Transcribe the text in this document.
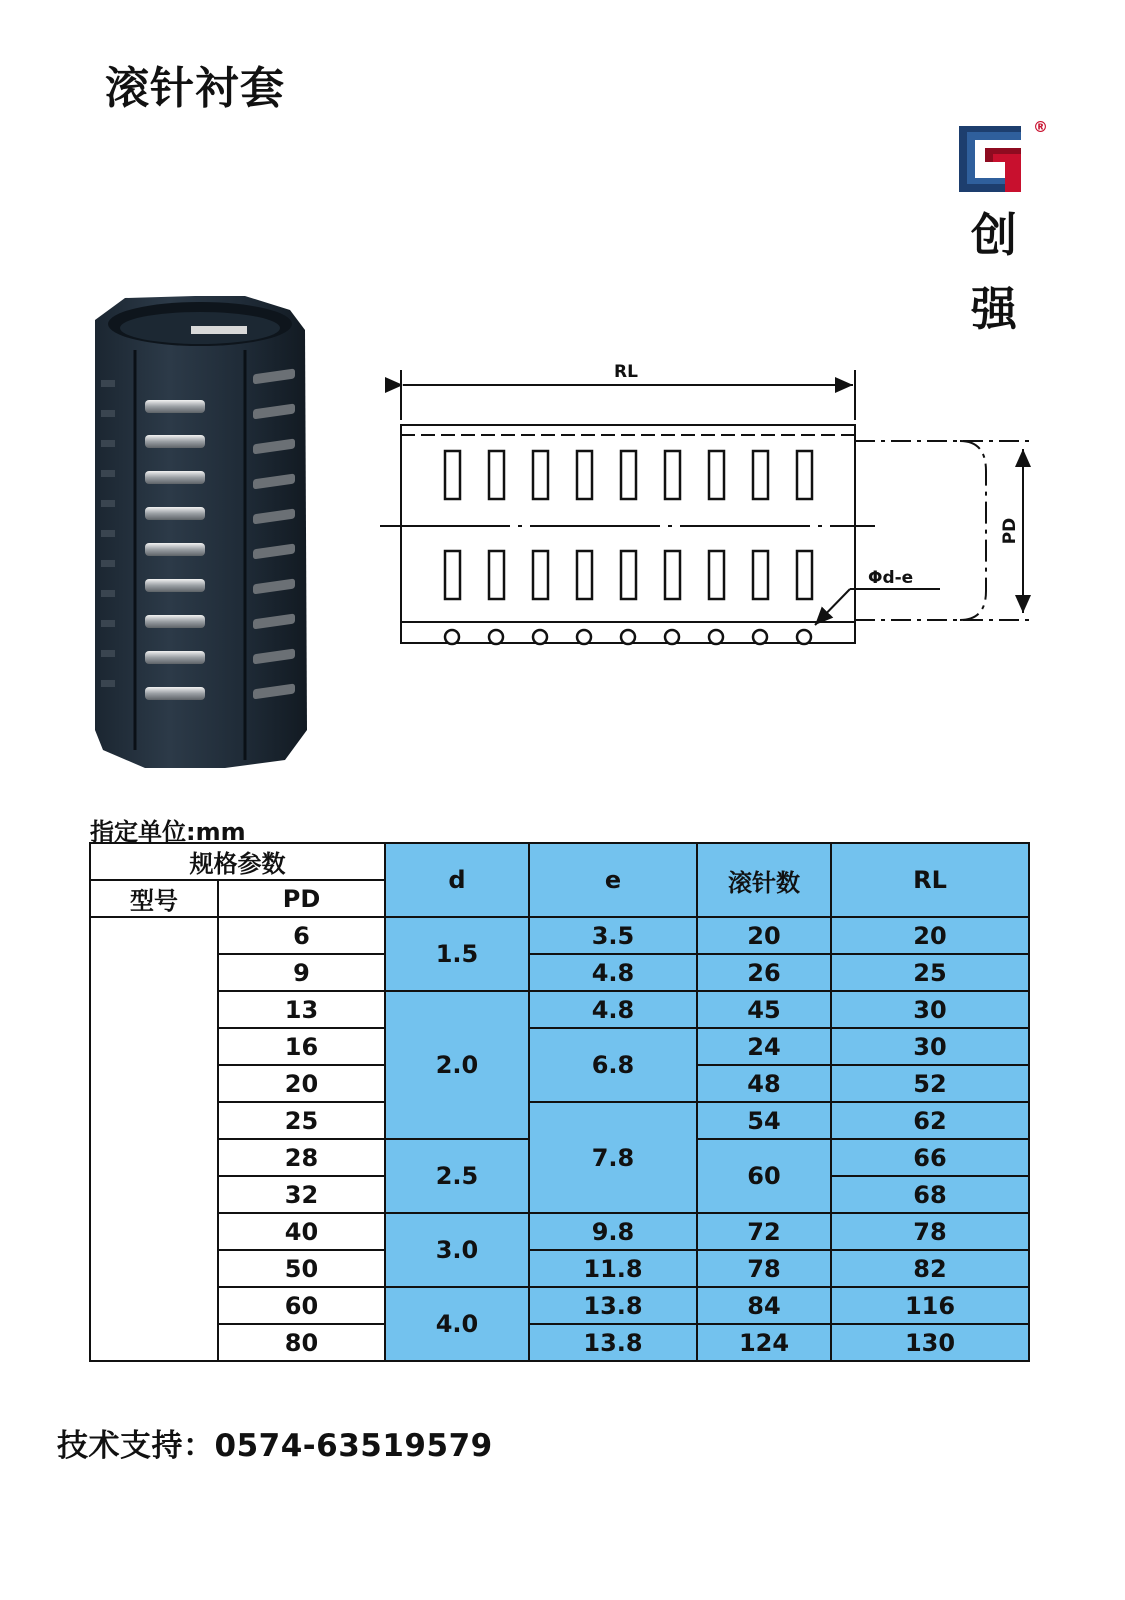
滚针衬套
®
创
强
RL
PD
Φd-e
指定单位:mm
规格参数		d	e	滚针数	RL
型号	PD				
	6	1.5	3.5	20	20
	9		4.8	26	25
	13	2.0	4.8	45	30
	16		6.8	24	30
	20			48	52
	25		7.8	54	62
	28	2.5		60	66
	32				68
	40	3.0	9.8	72	78
	50		11.8	78	82
	60	4.0	13.8	84	116
	80		13.8	124	130
技术支持：0574-63519579
